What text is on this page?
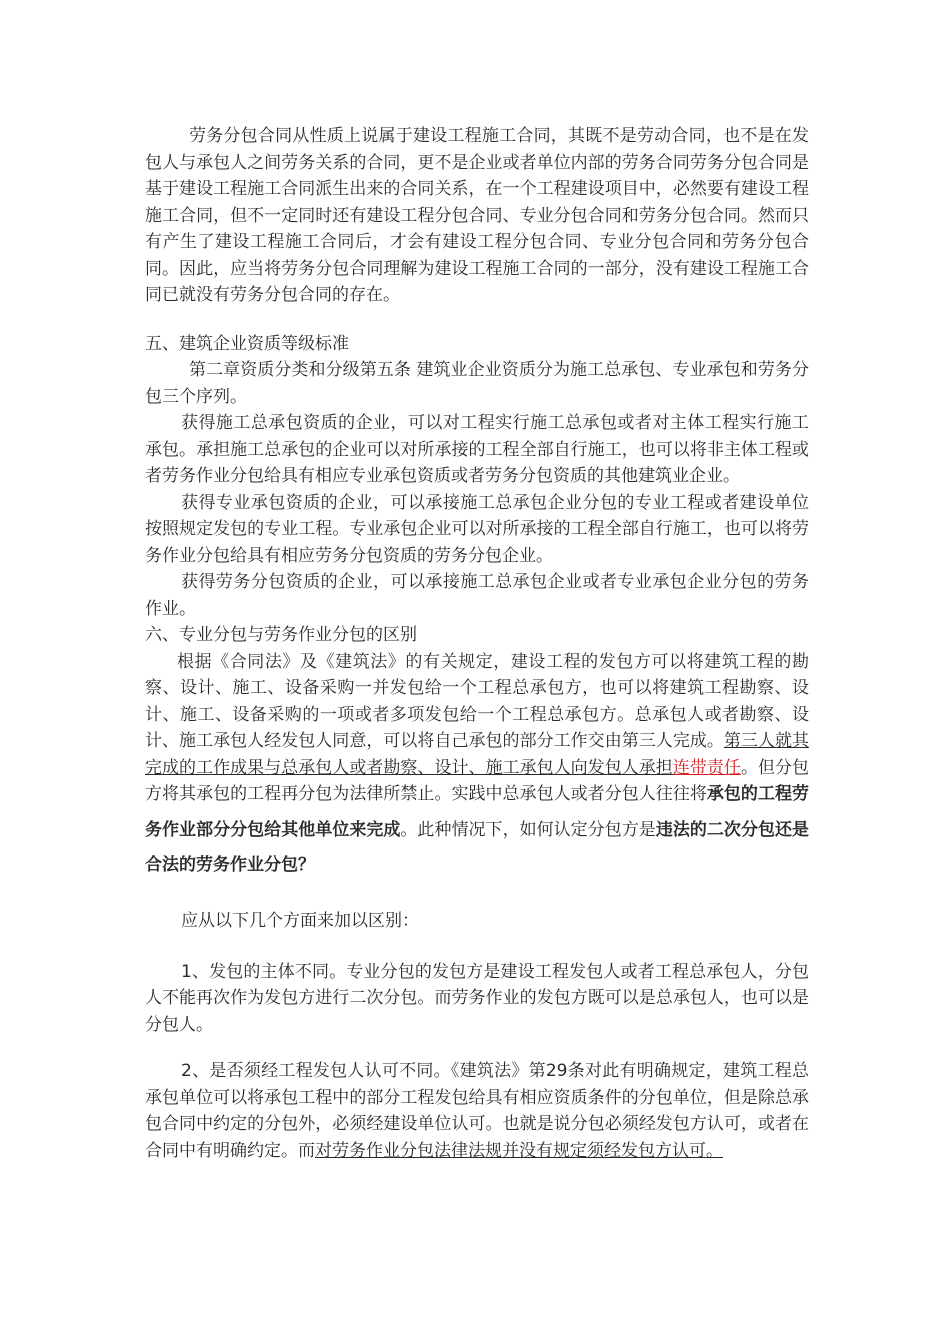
劳务分包合同从性质上说属于建设工程施工合同，其既不是劳动合同，也不是在发包人与承包人之间劳务关系的合同，更不是企业或者单位内部的劳务合同劳务分包合同是基于建设工程施工合同派生出来的合同关系，在一个工程建设项目中，必然要有建设工程施工合同，但不一定同时还有建设工程分包合同、专业分包合同和劳务分包合同。然而只有产生了建设工程施工合同后，才会有建设工程分包合同、专业分包合同和劳务分包合同。因此，应当将劳务分包合同理解为建设工程施工合同的一部分，没有建设工程施工合同已就没有劳务分包合同的存在。

五、建筑企业资质等级标准

第二章资质分类和分级第五条 建筑业企业资质分为施工总承包、专业承包和劳务分包三个序列。

获得施工总承包资质的企业，可以对工程实行施工总承包或者对主体工程实行施工承包。承担施工总承包的企业可以对所承接的工程全部自行施工，也可以将非主体工程或者劳务作业分包给具有相应专业承包资质或者劳务分包资质的其他建筑业企业。

获得专业承包资质的企业，可以承接施工总承包企业分包的专业工程或者建设单位按照规定发包的专业工程。专业承包企业可以对所承接的工程全部自行施工，也可以将劳务作业分包给具有相应劳务分包资质的劳务分包企业。

获得劳务分包资质的企业，可以承接施工总承包企业或者专业承包企业分包的劳务作业。

六、专业分包与劳务作业分包的区别

根据《合同法》及《建筑法》的有关规定，建设工程的发包方可以将建筑工程的勘察、设计、施工、设备采购一并发包给一个工程总承包方，也可以将建筑工程勘察、设计、施工、设备采购的一项或者多项发包给一个工程总承包方。总承包人或者勘察、设计、施工承包人经发包人同意，可以将自己承包的部分工作交由第三人完成。第三人就其完成的工作成果与总承包人或者勘察、设计、施工承包人向发包人承担连带责任。但分包方将其承包的工程再分包为法律所禁止。实践中总承包人或者分包人往往将承包的工程劳务作业部分分包给其他单位来完成。此种情况下，如何认定分包方是违法的二次分包还是合法的劳务作业分包？

应从以下几个方面来加以区别：

1、发包的主体不同。专业分包的发包方是建设工程发包人或者工程总承包人，分包人不能再次作为发包方进行二次分包。而劳务作业的发包方既可以是总承包人，也可以是分包人。

2、是否须经工程发包人认可不同。《建筑法》第29条对此有明确规定，建筑工程总承包单位可以将承包工程中的部分工程发包给具有相应资质条件的分包单位，但是除总承包合同中约定的分包外，必须经建设单位认可。也就是说分包必须经发包方认可，或者在合同中有明确约定。而对劳务作业分包法律法规并没有规定须经发包方认可。
